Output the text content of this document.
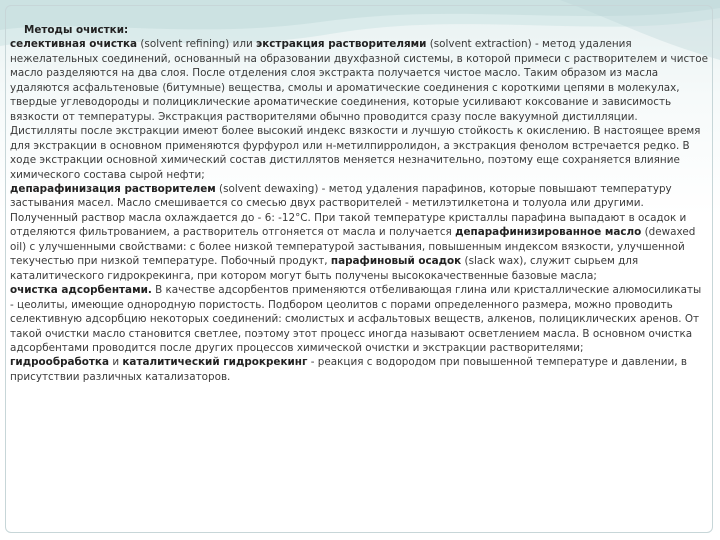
Методы очистки:

селективная очистка (solvent refining) или экстракция растворителями (solvent extraction) - метод удаления нежелательных соединений, основанный на образовании двухфазной системы, в которой примеси с растворителем и чистое масло разделяются на два слоя. После отделения слоя экстракта получается чистое масло. Таким образом из масла удаляются асфальтеновые (битумные) вещества, смолы и ароматические соединения с короткими цепями в молекулах, твердые углеводороды и полициклические ароматические соединения, которые усиливают коксование и зависимость вязкости от температуры. Экстракция растворителями обычно проводится сразу после вакуумной дистилляции. Дистилляты после экстракции имеют более высокий индекс вязкости и лучшую стойкость к окислению. В настоящее время для экстракции в основном применяются фурфурол или н-метилпирролидон, а экстракция фенолом встречается редко. В ходе экстракции основной химический состав дистиллятов меняется незначительно, поэтому еще сохраняется влияние химического состава сырой нефти;

депарафинизация растворителем (solvent dewaxing) - метод удаления парафинов, которые повышают температуру застывания масел. Масло смешивается со смесью двух растворителей - метилэтилкетона и толуола или другими. Полученный раствор масла охлаждается до - 6: -12°C. При такой температуре кристаллы парафина выпадают в осадок и отделяются фильтрованием, а растворитель отгоняется от масла и получается депарафинизированное масло (dewaxed oil) с улучшенными свойствами: с более низкой температурой застывания, повышенным индексом вязкости, улучшенной текучестью при низкой температуре. Побочный продукт, парафиновый осадок (slack wax), служит сырьем для каталитического гидрокрекинга, при котором могут быть получены высококачественные базовые масла;

очистка адсорбентами. В качестве адсорбентов применяются отбеливающая глина или кристаллические алюмосиликаты - цеолиты, имеющие однородную пористость. Подбором цеолитов с порами определенного размера, можно проводить селективную адсорбцию некоторых соединений: смолистых и асфальтовых веществ, алкенов, полициклических аренов. От такой очистки масло становится светлее, поэтому этот процесс иногда называют осветлением масла. В основном очистка адсорбентами проводится после других процессов химической очистки и экстракции растворителями;

гидрообработка и каталитический гидрокрекинг - реакция с водородом при повышенной температуре и давлении, в присутствии различных катализаторов.
